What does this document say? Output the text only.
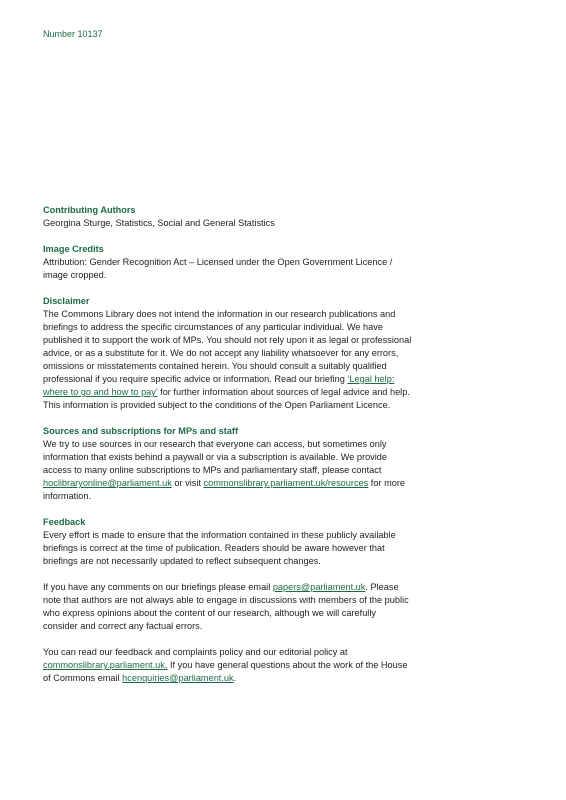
Number 10137
Contributing Authors
Georgina Sturge, Statistics, Social and General Statistics
Image Credits
Attribution: Gender Recognition Act – Licensed under the Open Government Licence / image cropped.
Disclaimer
The Commons Library does not intend the information in our research publications and briefings to address the specific circumstances of any particular individual. We have published it to support the work of MPs. You should not rely upon it as legal or professional advice, or as a substitute for it. We do not accept any liability whatsoever for any errors, omissions or misstatements contained herein. You should consult a suitably qualified professional if you require specific advice or information. Read our briefing ‘Legal help: where to go and how to pay’ for further information about sources of legal advice and help. This information is provided subject to the conditions of the Open Parliament Licence.
Sources and subscriptions for MPs and staff
We try to use sources in our research that everyone can access, but sometimes only information that exists behind a paywall or via a subscription is available. We provide access to many online subscriptions to MPs and parliamentary staff, please contact hoclibraryonline@parliament.uk or visit commonslibrary.parliament.uk/resources for more information.
Feedback
Every effort is made to ensure that the information contained in these publicly available briefings is correct at the time of publication. Readers should be aware however that briefings are not necessarily updated to reflect subsequent changes.
If you have any comments on our briefings please email papers@parliament.uk. Please note that authors are not always able to engage in discussions with members of the public who express opinions about the content of our research, although we will carefully consider and correct any factual errors.
You can read our feedback and complaints policy and our editorial policy at commonslibrary.parliament.uk. If you have general questions about the work of the House of Commons email hcenquiries@parliament.uk.
